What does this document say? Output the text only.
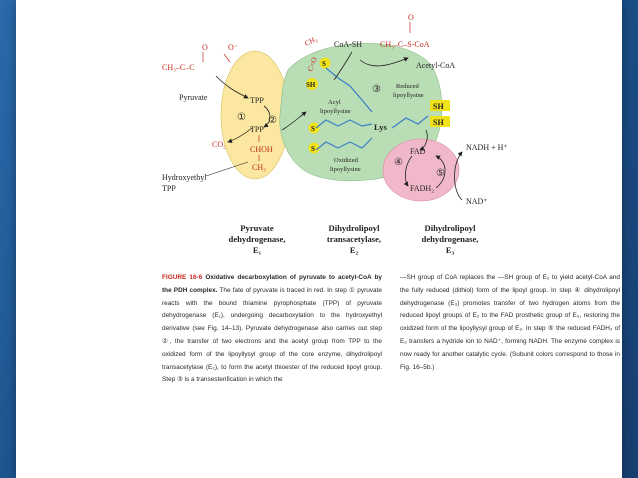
O	O⁻
CH₃–C–C
Pyruvate	TPP
①
TPP
CHOH
CH₃
CO₂
Hydroxyethyl
TPP
②
CH₃
C=O
SH
S
S
S
Acyl
lipoyllysine
Lys
Oxidized
lipoyllysine
CoA-SH
O
CH₃–C–S-CoA
Acetyl-CoA
③ Reduced
lipoyllysine
SH
SH
④
FAD
⑤
FADH₂
NADH + H⁺
NAD⁺
Pyruvate
dehydrogenase,
E₁
Dihydrolipoyl
transacetylase,
E₂
Dihydrolipoyl
dehydrogenase,
E₃
FIGURE 16-6 Oxidative decarboxylation of pyruvate to acetyl-CoA by the PDH complex. The fate of pyruvate is traced in red. In step ① pyruvate reacts with the bound thiamine pyrophosphate (TPP) of pyruvate dehydrogenase (E₁), undergoing decarboxylation to the hydroxyethyl derivative (see Fig. 14–13). Pyruvate dehydrogenase also carries out step ②, the transfer of two electrons and the acetyl group from TPP to the oxidized form of the lipoyllysyl group of the core enzyme, dihydrolipoyl transacetylase (E₂), to form the acetyl thioester of the reduced lipoyl group. Step ③ is a transesterification in which the
—SH group of CoA replaces the —SH group of E₂ to yield acetyl-CoA and the fully reduced (dithiol) form of the lipoyl group. In step ④ dihydrolipoyl dehydrogenase (E₃) promotes transfer of two hydrogen atoms from the reduced lipoyl groups of E₂ to the FAD prosthetic group of E₃, restoring the oxidized form of the lipoyllysyl group of E₂. In step ⑤ the reduced FADH₂ of E₃ transfers a hydride ion to NAD⁺, forming NADH. The enzyme complex is now ready for another catalytic cycle. (Subunit colors correspond to those in Fig. 16–5b.)
